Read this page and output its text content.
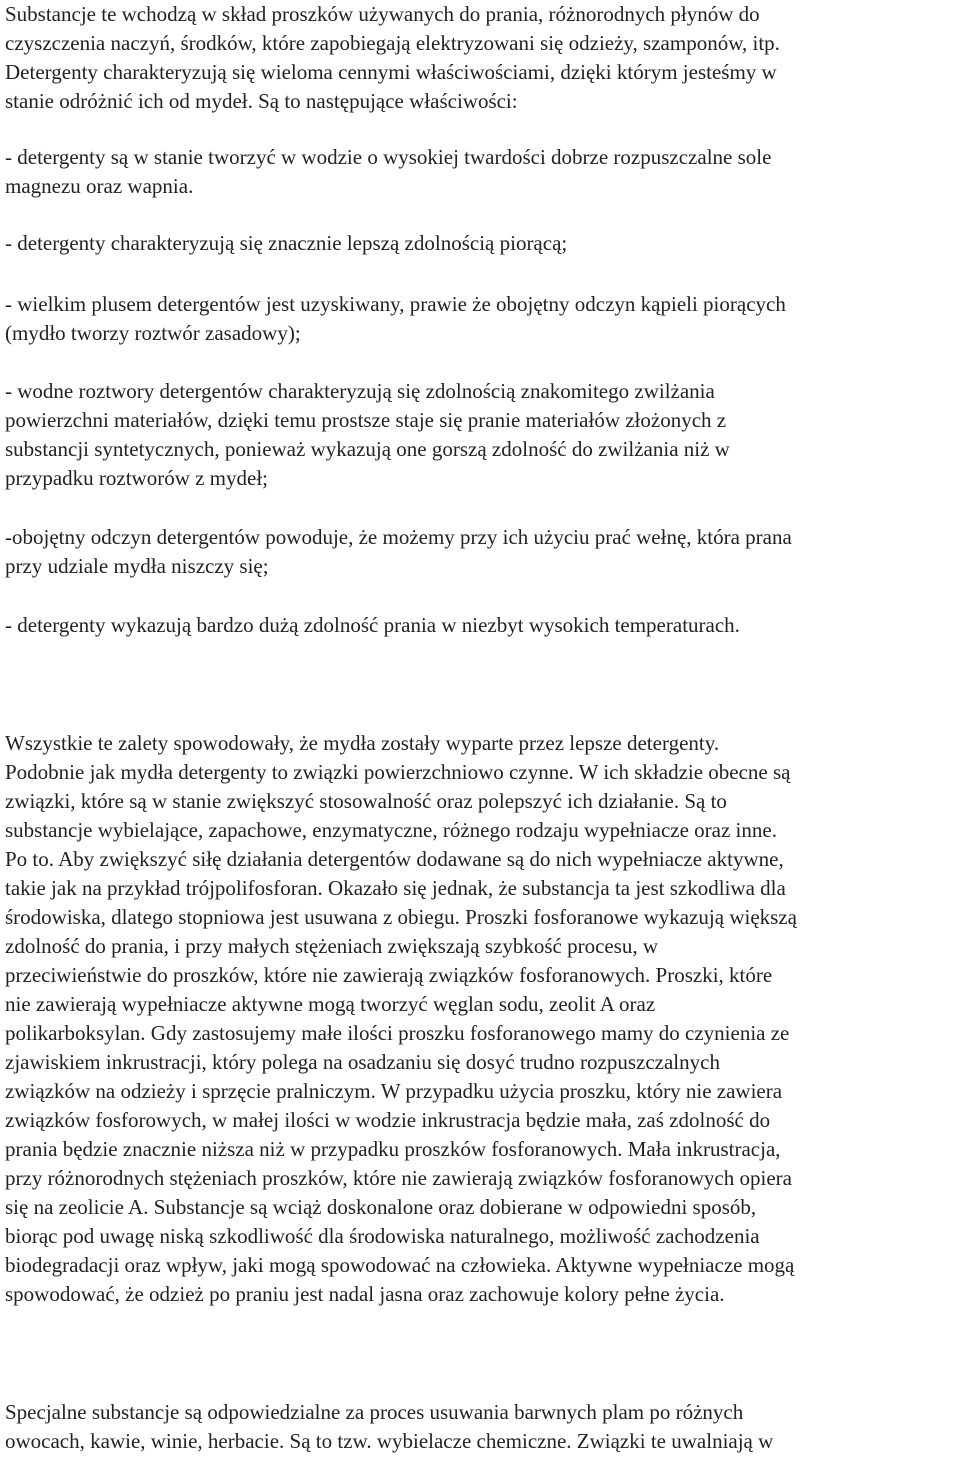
Substancje te wchodzą w skład proszków używanych do prania, różnorodnych płynów do
czyszczenia naczyń, środków, które zapobiegają elektryzowani się odzieży, szamponów, itp.
Detergenty charakteryzują się wieloma cennymi właściwościami, dzięki którym jesteśmy w
stanie odróżnić ich od mydeł. Są to następujące właściwości:
- detergenty są w stanie tworzyć w wodzie o wysokiej twardości dobrze rozpuszczalne sole
magnezu oraz wapnia.
- detergenty charakteryzują się znacznie lepszą zdolnością piorącą;
- wielkim plusem detergentów jest uzyskiwany, prawie że obojętny odczyn kąpieli piorących
(mydło tworzy roztwór zasadowy);
- wodne roztwory detergentów charakteryzują się zdolnością znakomitego zwilżania
powierzchni materiałów, dzięki temu prostsze staje się pranie materiałów złożonych z
substancji syntetycznych, ponieważ wykazują one gorszą zdolność do zwilżania niż w
przypadku roztworów z mydeł;
-obojętny odczyn detergentów powoduje, że możemy przy ich użyciu prać wełnę, która prana
przy udziale mydła niszczy się;
- detergenty wykazują bardzo dużą zdolność prania w niezbyt wysokich temperaturach.
Wszystkie te zalety spowodowały, że mydła zostały wyparte przez lepsze detergenty.
Podobnie jak mydła detergenty to związki powierzchniowo czynne. W ich składzie obecne są
związki, które są w stanie zwiększyć stosowalność oraz polepszyć ich działanie. Są to
substancje wybielające, zapachowe, enzymatyczne, różnego rodzaju wypełniacze oraz inne.
Po to. Aby zwiększyć siłę działania detergentów dodawane są do nich wypełniacze aktywne,
takie jak na przykład trójpolifosforan. Okazało się jednak, że substancja ta jest szkodliwa dla
środowiska, dlatego stopniowa jest usuwana z obiegu. Proszki fosforanowe wykazują większą
zdolność do prania, i przy małych stężeniach zwiększają szybkość procesu, w
przeciwieństwie do proszków, które nie zawierają związków fosforanowych. Proszki, które
nie zawierają wypełniacze aktywne mogą tworzyć węglan sodu, zeolit A oraz
polikarboksylan. Gdy zastosujemy małe ilości proszku fosforanowego mamy do czynienia ze
zjawiskiem inkrustracji, który polega na osadzaniu się dosyć trudno rozpuszczalnych
związków na odzieży i sprzęcie pralniczym. W przypadku użycia proszku, który nie zawiera
związków fosforowych, w małej ilości w wodzie inkrustracja będzie mała, zaś zdolność do
prania będzie znacznie niższa niż w przypadku proszków fosforanowych. Mała inkrustracja,
przy różnorodnych stężeniach proszków, które nie zawierają związków fosforanowych opiera
się na zeolicie A. Substancje są wciąż doskonalone oraz dobierane w odpowiedni sposób,
biorąc pod uwagę niską szkodliwość dla środowiska naturalnego, możliwość zachodzenia
biodegradacji oraz wpływ, jaki mogą spowodować na człowieka. Aktywne wypełniacze mogą
spowodować, że odzież po praniu jest nadal jasna oraz zachowuje kolory pełne życia.
Specjalne substancje są odpowiedzialne za proces usuwania barwnych plam po różnych
owocach, kawie, winie, herbacie. Są to tzw. wybielacze chemiczne. Związki te uwalniają w
